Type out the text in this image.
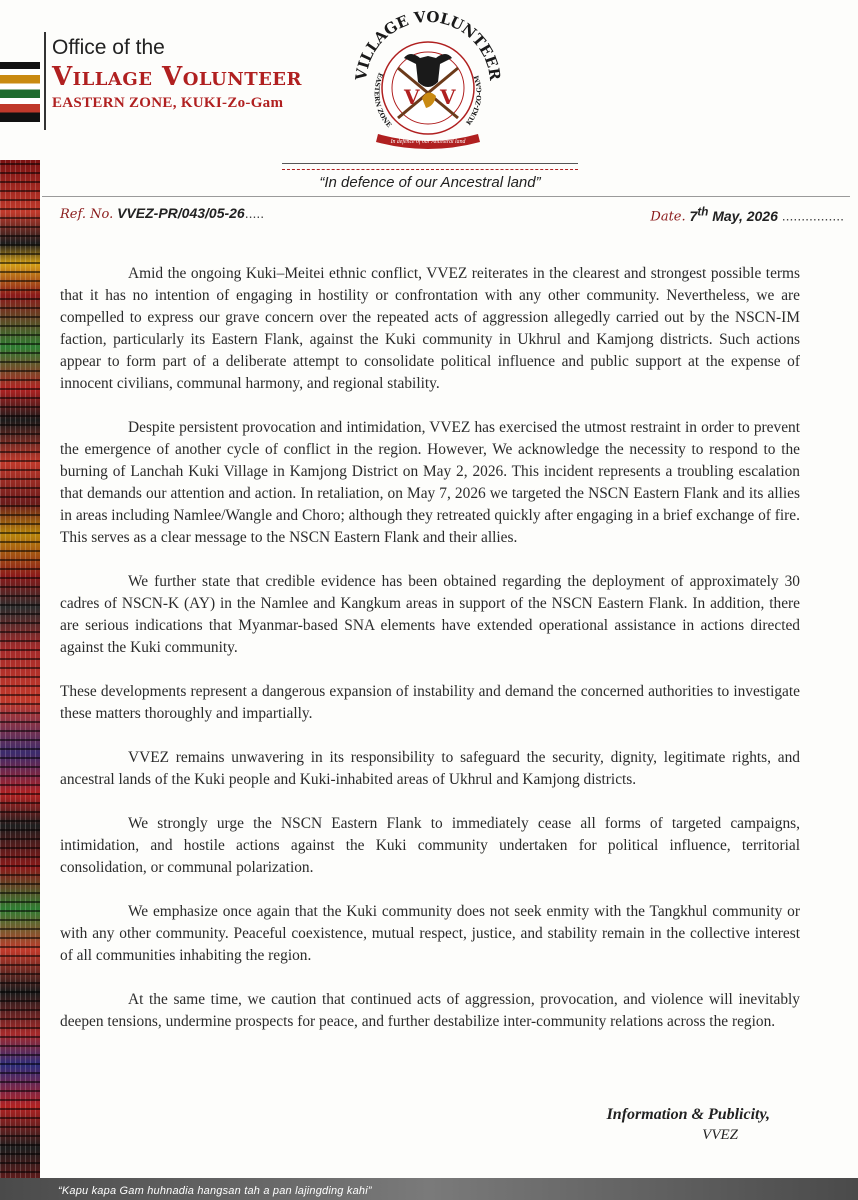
Office of the
Village Volunteer
EASTERN ZONE, KUKI-Zo-Gam
VILLAGE VOLUNTEER
EASTERN ZONE	KUKI-ZO-GAM
V V
In defence of our Ancestral land
“In defence of our Ancestral land”
Ref. No. VVEZ-PR/043/05-26.....	Date. 7th May, 2026 ................

Amid the ongoing Kuki–Meitei ethnic conflict, VVEZ reiterates in the clearest and strongest possible terms that it has no intention of engaging in hostility or confrontation with any other community. Nevertheless, we are compelled to express our grave concern over the repeated acts of aggression allegedly carried out by the NSCN-IM faction, particularly its Eastern Flank, against the Kuki community in Ukhrul and Kamjong districts. Such actions appear to form part of a deliberate attempt to consolidate political influence and public support at the expense of innocent civilians, communal harmony, and regional stability.

Despite persistent provocation and intimidation, VVEZ has exercised the utmost restraint in order to prevent the emergence of another cycle of conflict in the region. However, We acknowledge the necessity to respond to the burning of Lanchah Kuki Village in Kamjong District on May 2, 2026. This incident represents a troubling escalation that demands our attention and action. In retaliation, on May 7, 2026 we targeted the NSCN Eastern Flank and its allies in areas including Namlee/Wangle and Choro; although they retreated quickly after engaging in a brief exchange of fire. This serves as a clear message to the NSCN Eastern Flank and their allies.

We further state that credible evidence has been obtained regarding the deployment of approximately 30 cadres of NSCN-K (AY) in the Namlee and Kangkum areas in support of the NSCN Eastern Flank. In addition, there are serious indications that Myanmar-based SNA elements have extended operational assistance in actions directed against the Kuki community.

These developments represent a dangerous expansion of instability and demand the concerned authorities to investigate these matters thoroughly and impartially.

VVEZ remains unwavering in its responsibility to safeguard the security, dignity, legitimate rights, and ancestral lands of the Kuki people and Kuki-inhabited areas of Ukhrul and Kamjong districts.

We strongly urge the NSCN Eastern Flank to immediately cease all forms of targeted campaigns, intimidation, and hostile actions against the Kuki community undertaken for political influence, territorial consolidation, or communal polarization.

We emphasize once again that the Kuki community does not seek enmity with the Tangkhul community or with any other community. Peaceful coexistence, mutual respect, justice, and stability remain in the collective interest of all communities inhabiting the region.

At the same time, we caution that continued acts of aggression, provocation, and violence will inevitably deepen tensions, undermine prospects for peace, and further destabilize inter-community relations across the region.

Information & Publicity,
VVEZ
“Kapu kapa Gam huhnadia hangsan tah a pan lajingding kahi”
